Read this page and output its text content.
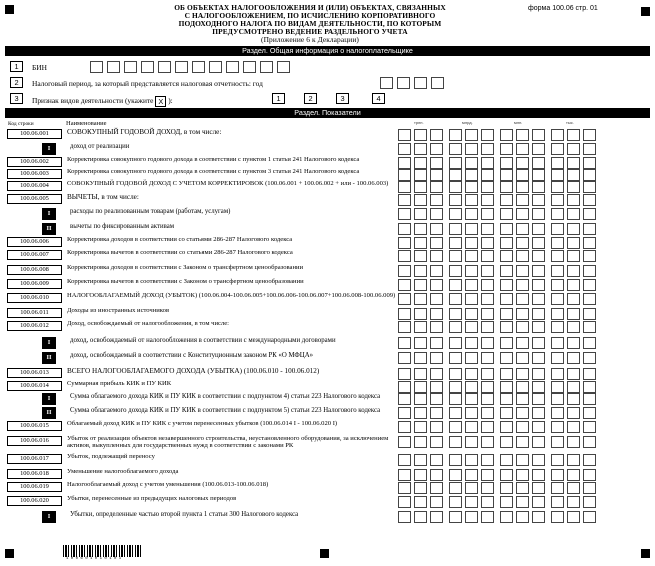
ОБ ОБЪЕКТАХ НАЛОГООБЛОЖЕНИЯ И (ИЛИ) ОБЪЕКТАХ, СВЯЗАННЫХ
С НАЛОГООБЛОЖЕНИЕМ, ПО ИСЧИСЛЕНИЮ КОРПОРАТИВНОГО
ПОДОХОДНОГО НАЛОГА ПО ВИДАМ ДЕЯТЕЛЬНОСТИ, ПО КОТОРЫМ
ПРЕДУСМОТРЕНО ВЕДЕНИЕ РАЗДЕЛЬНОГО УЧЕТА
(Приложение 6 к Декларации)
форма 100.06 стр. 01
Раздел. Общая информация о налогоплательщике
1	БИН
2	Налоговый период, за который представляется налоговая отчетность: год
3	Признак видов деятельности (укажите X ):	1	2	3	4
Раздел. Показатели
Код строки	Наименование	трлн.	млрд.	млн.	тыс.
100.06.001	СОВОКУПНЫЙ ГОДОВОЙ ДОХОД, в том числе:
I	доход от реализации
100.06.002	Корректировка совокупного годового дохода в соответствии с пунктом 1 статьи 241 Налогового кодекса
100.06.003	Корректировка совокупного годового дохода в соответствии с пунктом 3 статьи 241 Налогового кодекса
100.06.004	СОВОКУПНЫЙ ГОДОВОЙ ДОХОД С УЧЕТОМ КОРРЕКТИРОВОК (100.06.001 + 100.06.002 + или - 100.06.003)
100.06.005	ВЫЧЕТЫ, в том числе:
I	расходы по реализованным товарам (работам, услугам)
II	вычеты по фиксированным активам
100.06.006	Корректировка доходов в соответствии со статьями 286-287 Налогового кодекса
100.06.007	Корректировка вычетов в соответствии со статьями 286-287 Налогового кодекса
100.06.008	Корректировка доходов в соответствии с Законом о трансфертном ценообразовании
100.06.009	Корректировка вычетов в соответствии с Законом о трансфертном ценообразовании
100.06.010	НАЛОГООБЛАГАЕМЫЙ ДОХОД (УБЫТОК) (100.06.004-100.06.005+100.06.006-100.06.007+100.06.008-100.06.009)
100.06.011	Доходы из иностранных источников
100.06.012	Доход, освобождаемый от налогообложения, в том числе:
I	доход, освобождаемый от налогообложения в соответствии с международными договорами
II	доход, освобождаемый в соответствии с Конституционным законом РК «О МФЦА»
100.06.013	ВСЕГО НАЛОГООБЛАГАЕМОГО ДОХОДА (УБЫТКА) (100.06.010 - 100.06.012)
100.06.014	Суммарная прибыль КИК и ПУ КИК
I	Сумма облагаемого дохода КИК и ПУ КИК в соответствии с подпунктом 4) статьи 223 Налогового кодекса
II	Сумма облагаемого дохода КИК и ПУ КИК в соответствии с подпунктом 5) статьи 223 Налогового кодекса
100.06.015	Облагаемый доход КИК и ПУ КИК с учетом перенесенных убытков (100.06.014 I - 100.06.020 I)
100.06.016	Убыток от реализации объектов незавершенного строительства, неустановленного оборудования, за исключением активов, выкупленных для государственных нужд в соответствии с законами РК
100.06.017	Убыток, подлежащий переносу
100.06.018	Уменьшение налогооблагаемого дохода
100.06.019	Налогооблагаемый доход с учетом уменьшения (100.06.013-100.06.018)
100.06.020	Убытки, перенесенные из предыдущих налоговых периодов
I	Убытки, определенные частью второй пункта 1 статьи 300 Налогового кодекса
1 0 0 6 0 1 0 1 0 1 0 1
